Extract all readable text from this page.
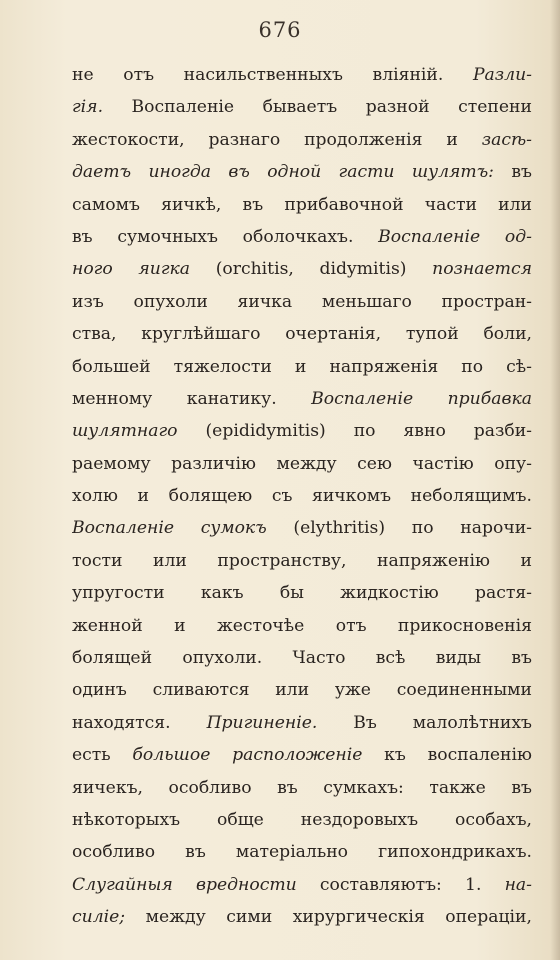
676
не отъ насильственныхъ влiянiй. Разли-
гiя. Воспаленiе бываетъ разной степени
жестокости, разнаго продолженiя и засѣ-
даетъ иногда въ одной гасти шулятъ: въ
самомъ яичкѣ, въ прибавочной части или
въ сумочныхъ оболочкахъ. Воспаленiе од-
ного яигка (orchitis, didymitis) познается
изъ опухоли яичка меньшаго простран-
ства, круглѣйшаго очертанiя, тупой боли,
большей тяжелости и напряженiя по сѣ-
менному канатику. Воспаленiе прибавка
шулятнаго (epididymitis) по явно разби-
раемому различiю между сею частiю опу-
холю и болящею съ яичкомъ неболящимъ.
Воспаленiе сумокъ (elythritis) по нарочи-
тости или пространству, напряженiю и
упругости какъ бы жидкостiю растя-
женной и жесточѣе отъ прикосновенiя
болящей опухоли. Часто всѣ виды въ
одинъ сливаются или уже соединенными
находятся. Пригиненiе. Въ малолѣтнихъ
есть большое расположенiе къ воспаленiю
яичекъ, особливо въ сумкахъ: также въ
нѣкоторыхъ обще нездоровыхъ особахъ,
особливо въ матерiально гипохондрикахъ.
Слугайныя вредности составляютъ: 1. на-
силiе; между сими хирургическiя операцiи,
